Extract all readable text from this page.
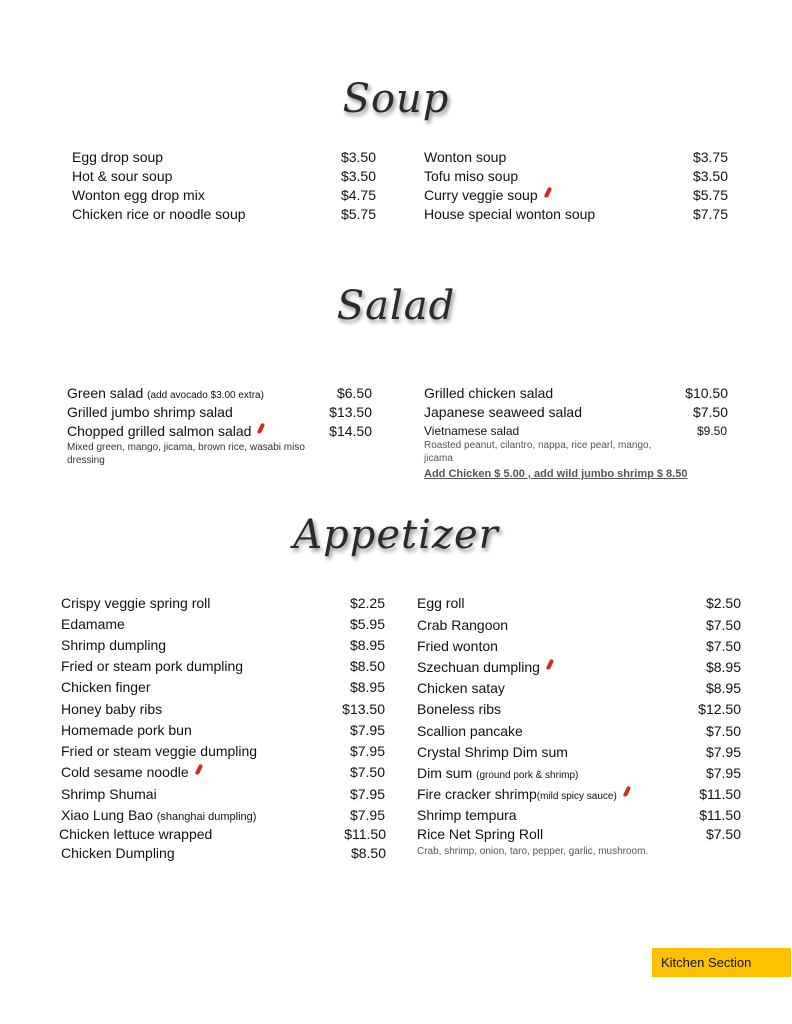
Soup
Salad
Appetizer
Egg drop soup	$3.50
Hot & sour soup	$3.50
Wonton egg drop mix	$4.75
Chicken rice or noodle soup	$5.75
Wonton soup	$3.75
Tofu miso soup	$3.50
Curry veggie soup	$5.75
House special wonton soup	$7.75
Green salad (add avocado $3.00 extra)	$6.50
Grilled jumbo shrimp salad	$13.50
Chopped grilled salmon salad	$14.50
Mixed green, mango, jicama, brown rice, wasabi miso dressing
Grilled chicken salad	$10.50
Japanese seaweed salad	$7.50
Vietnamese salad	$9.50
Roasted peanut, cilantro, nappa, rice pearl, mango, jicama
Add Chicken $ 5.00 , add wild jumbo shrimp $ 8.50
Crispy veggie spring roll	$2.25
Edamame	$5.95
Shrimp dumpling	$8.95
Fried or steam pork dumpling	$8.50
Chicken finger	$8.95
Honey baby ribs	$13.50
Homemade pork bun	$7.95
Fried or steam veggie dumpling	$7.95
Cold sesame noodle	$7.50
Shrimp Shumai	$7.95
Xiao Lung Bao (shanghai dumpling)	$7.95
Chicken lettuce wrapped	$11.50
Chicken Dumpling	$8.50
Egg roll	$2.50
Crab Rangoon	$7.50
Fried wonton	$7.50
Szechuan dumpling	$8.95
Chicken satay	$8.95
Boneless ribs	$12.50
Scallion pancake	$7.50
Crystal Shrimp Dim sum	$7.95
Dim sum (ground pork & shrimp)	$7.95
Fire cracker shrimp(mild spicy sauce)	$11.50
Shrimp tempura	$11.50
Rice Net Spring Roll	$7.50
Crab, shrimp, onion, taro, pepper, garlic, mushroom.
Kitchen Section
